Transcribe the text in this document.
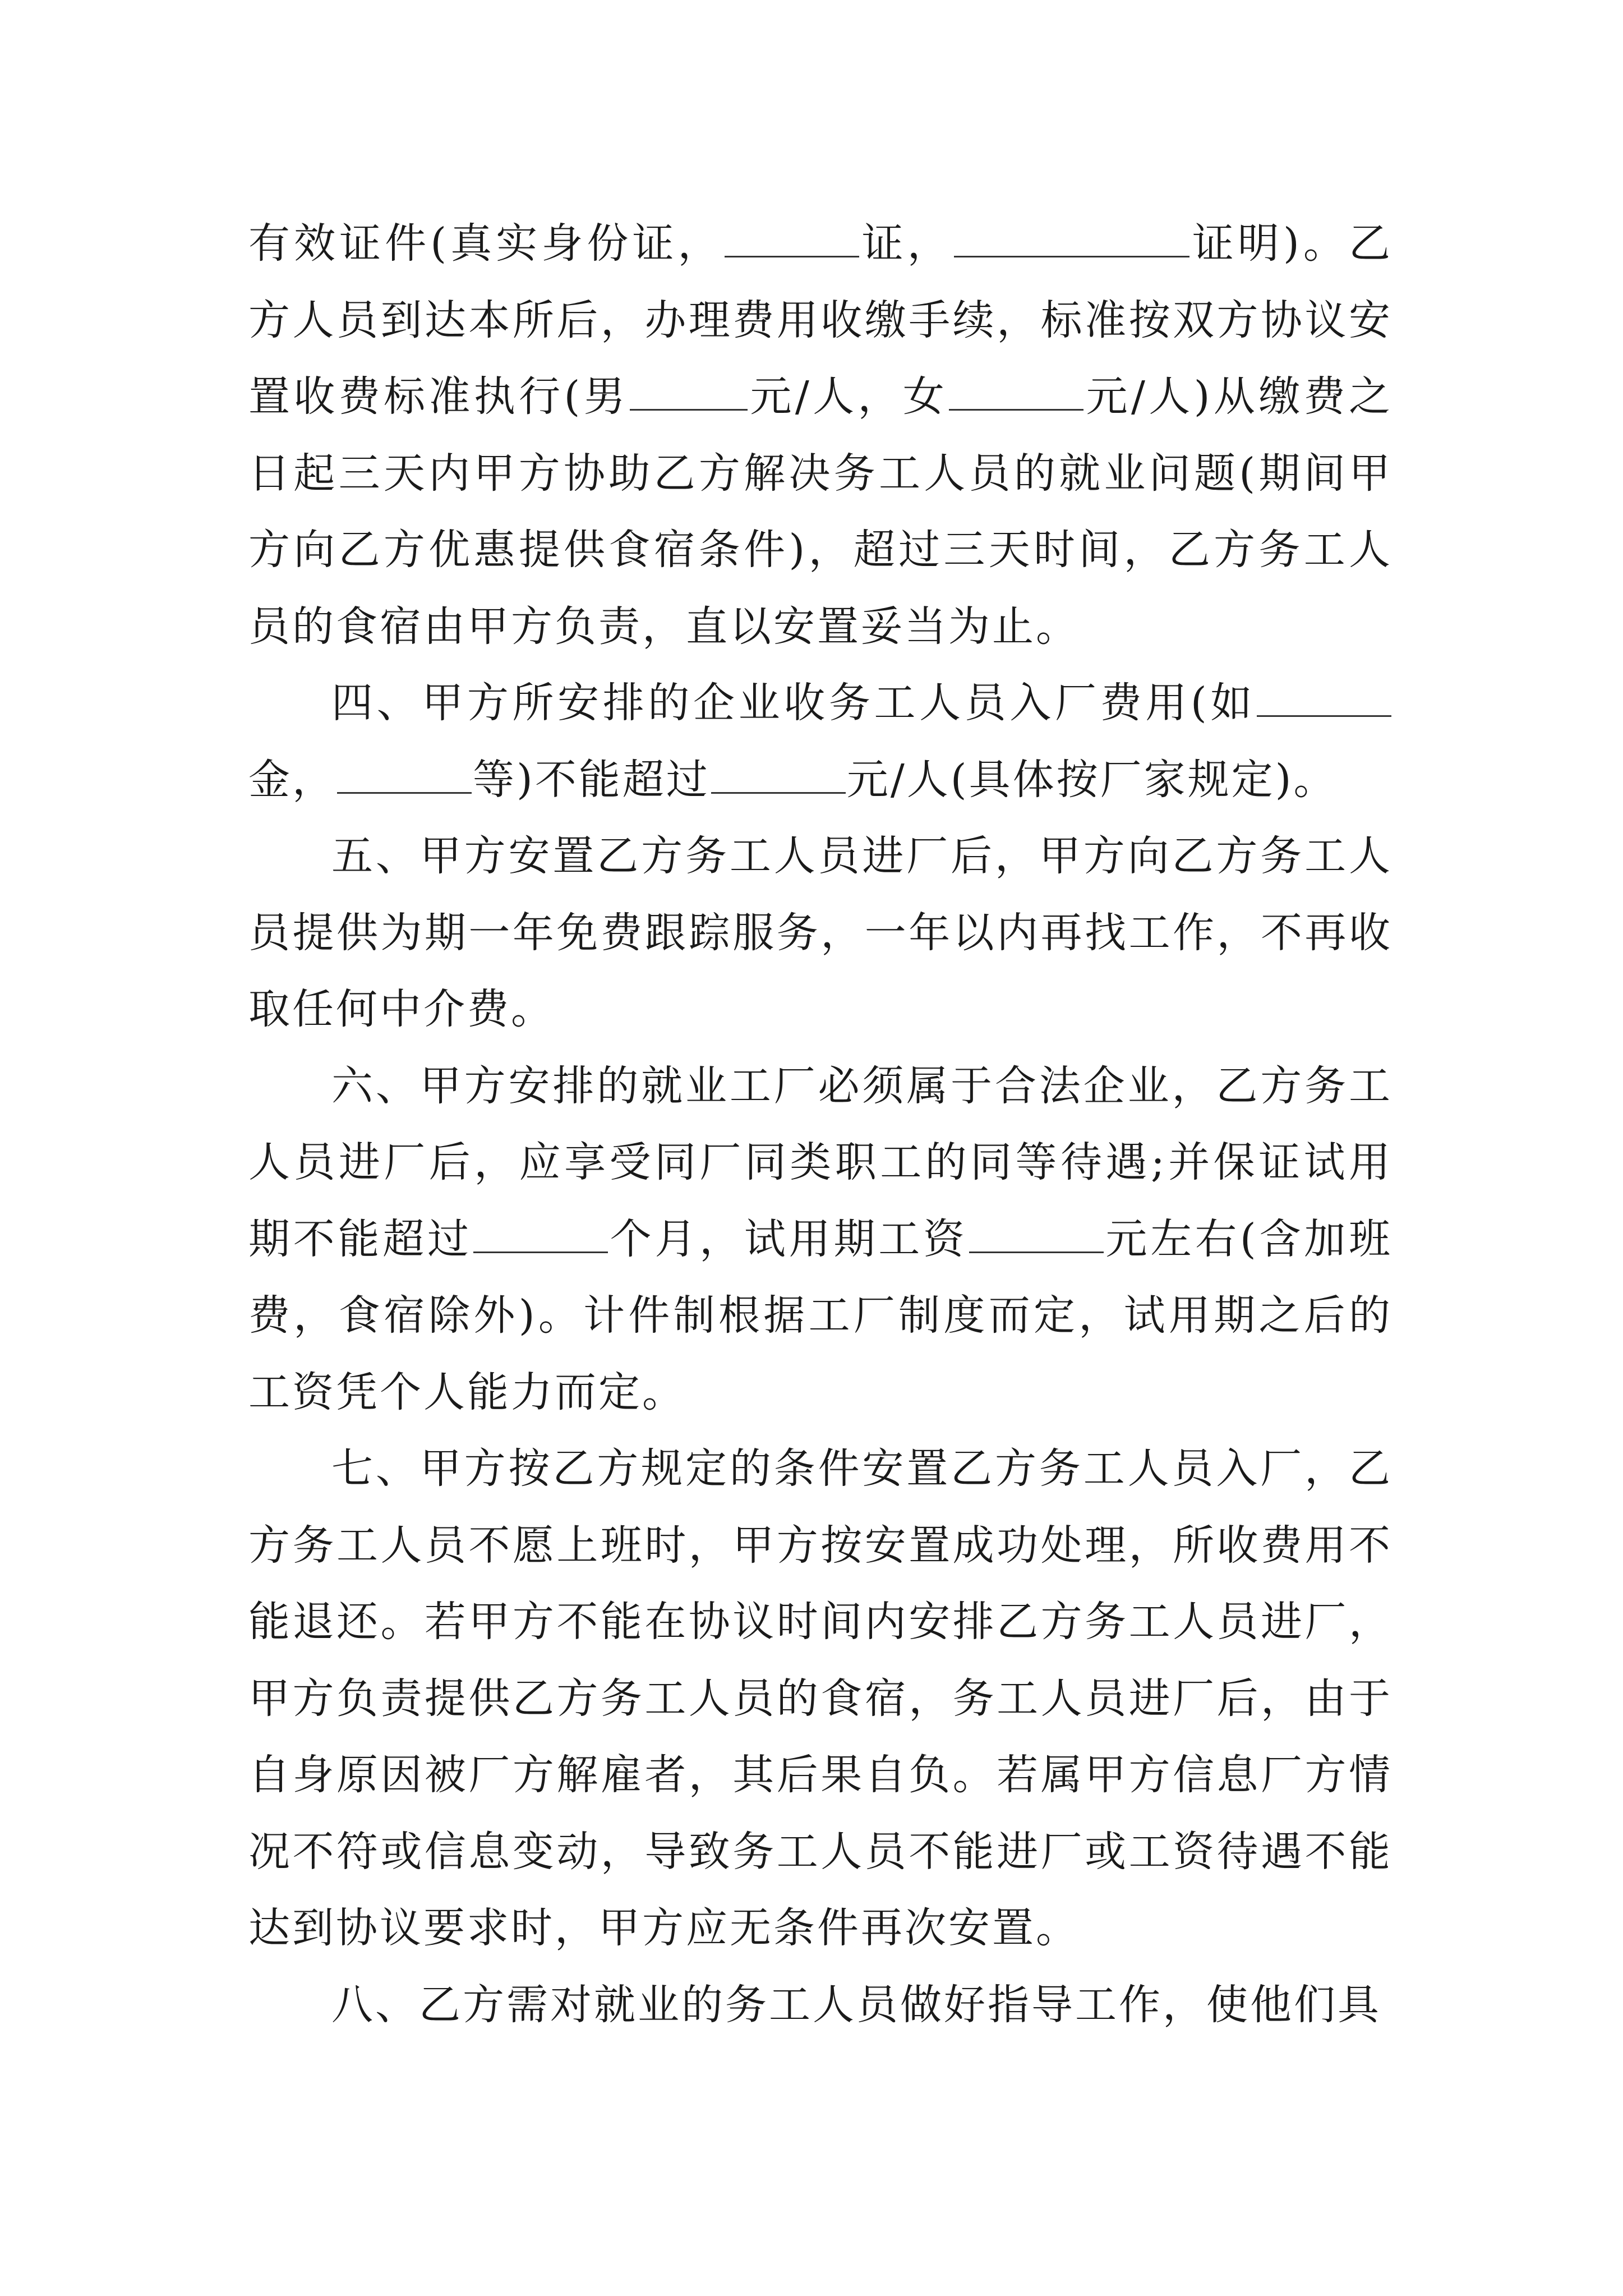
有效证件(真实身份证，	证，	证明)。乙方人员到达本所后，办理费用收缴手续，标准按双方协议安置收费标准执行(男	元/人，女	元/人)从缴费之日起三天内甲方协助乙方解决务工人员的就业问题(期间甲方向乙方优惠提供食宿条件)，超过三天时间，乙方务工人员的食宿由甲方负责，直以安置妥当为止。

四、甲方所安排的企业收务工人员入厂费用(如金，	等)不能超过	元/人(具体按厂家规定)。

五、甲方安置乙方务工人员进厂后，甲方向乙方务工人员提供为期一年免费跟踪服务，一年以内再找工作，不再收取任何中介费。

六、甲方安排的就业工厂必须属于合法企业，乙方务工人员进厂后，应享受同厂同类职工的同等待遇;并保证试用期不能超过	个月，试用期工资	元左右(含加班费，食宿除外)。计件制根据工厂制度而定，试用期之后的工资凭个人能力而定。

七、甲方按乙方规定的条件安置乙方务工人员入厂，乙方务工人员不愿上班时，甲方按安置成功处理，所收费用不能退还。若甲方不能在协议时间内安排乙方务工人员进厂，甲方负责提供乙方务工人员的食宿，务工人员进厂后，由于自身原因被厂方解雇者，其后果自负。若属甲方信息厂方情况不符或信息变动，导致务工人员不能进厂或工资待遇不能达到协议要求时，甲方应无条件再次安置。

八、乙方需对就业的务工人员做好指导工作，使他们具
